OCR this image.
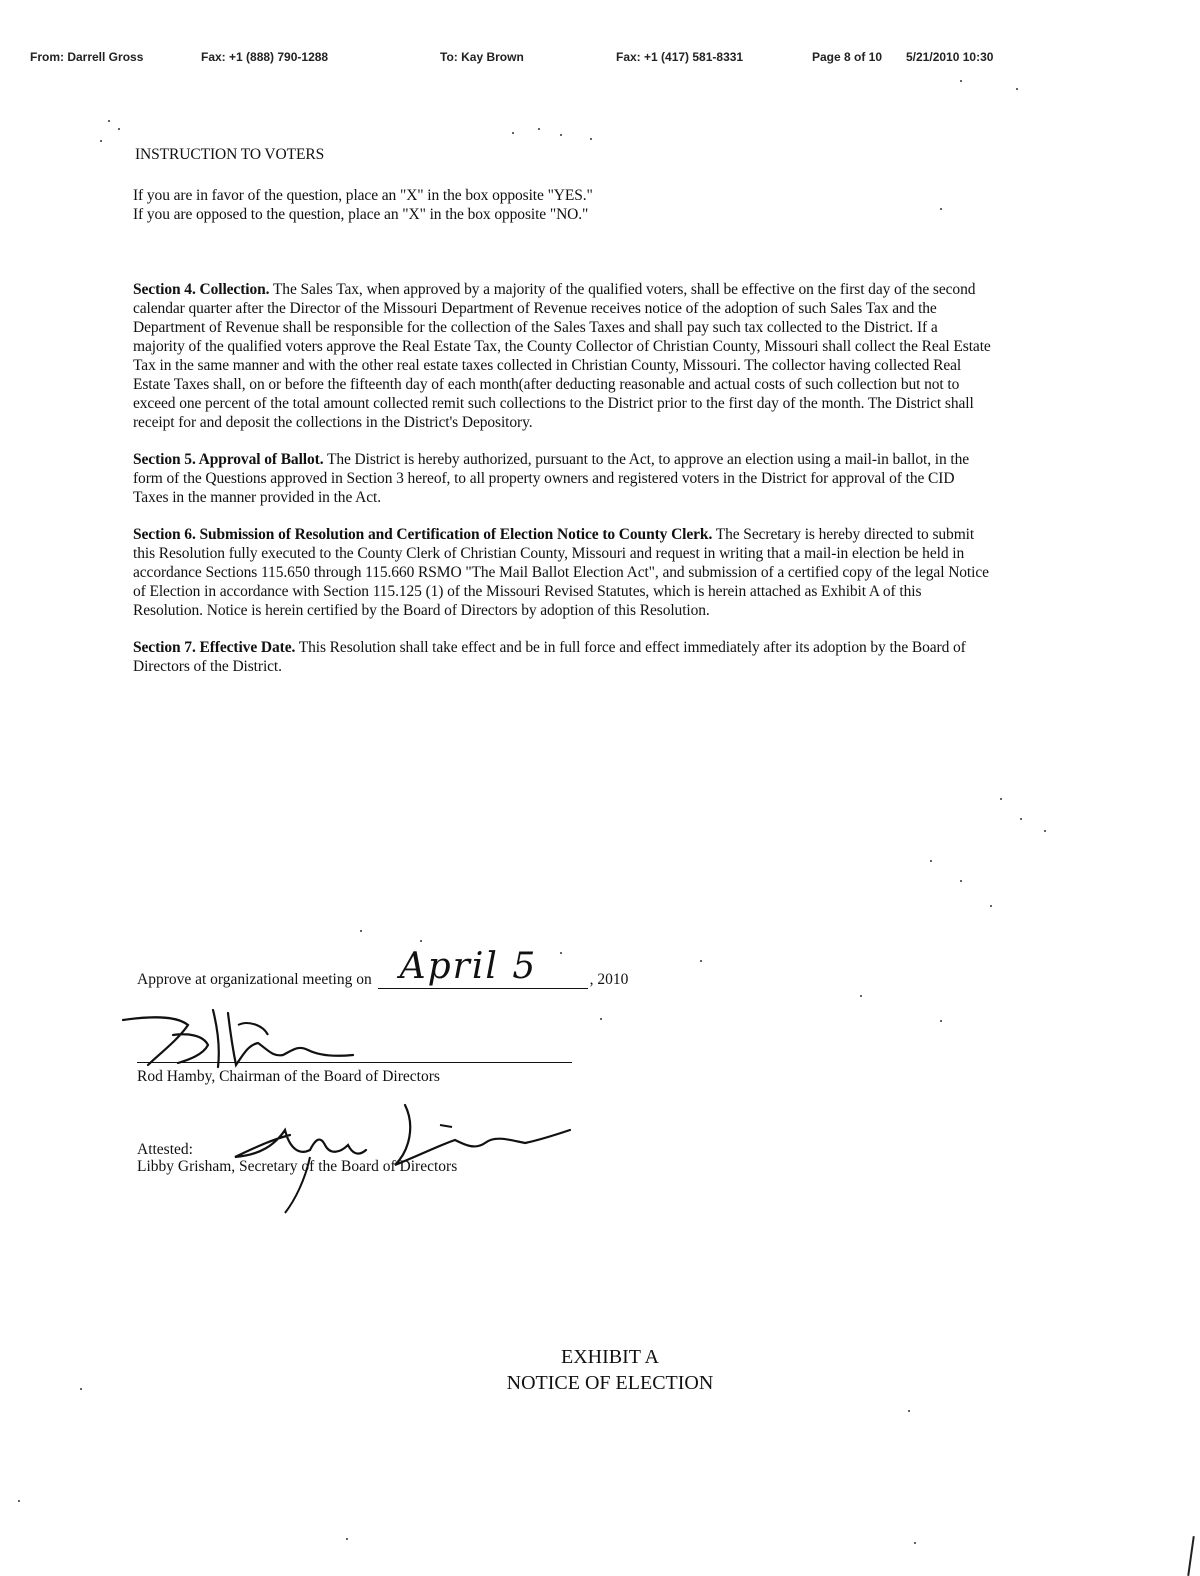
From: Darrell Gross	Fax: +1 (888) 790-1288	To: Kay Brown	Fax: +1 (417) 581-8331	Page 8 of 10 5/21/2010 10:30

INSTRUCTION TO VOTERS

If you are in favor of the question, place an "X" in the box opposite "YES."

If you are opposed to the question, place an "X" in the box opposite "NO."

Section 4. Collection. The Sales Tax, when approved by a majority of the qualified voters, shall be effective on the first day of the second calendar quarter after the Director of the Missouri Department of Revenue receives notice of the adoption of such Sales Tax and the Department of Revenue shall be responsible for the collection of the Sales Taxes and shall pay such tax collected to the District. If a majority of the qualified voters approve the Real Estate Tax, the County Collector of Christian County, Missouri shall collect the Real Estate Tax in the same manner and with the other real estate taxes collected in Christian County, Missouri. The collector having collected Real Estate Taxes shall, on or before the fifteenth day of each month(after deducting reasonable and actual costs of such collection but not to exceed one percent of the total amount collected remit such collections to the District prior to the first day of the month. The District shall receipt for and deposit the collections in the District's Depository.

Section 5. Approval of Ballot. The District is hereby authorized, pursuant to the Act, to approve an election using a mail-in ballot, in the form of the Questions approved in Section 3 hereof, to all property owners and registered voters in the District for approval of the CID Taxes in the manner provided in the Act.

Section 6. Submission of Resolution and Certification of Election Notice to County Clerk. The Secretary is hereby directed to submit this Resolution fully executed to the County Clerk of Christian County, Missouri and request in writing that a mail-in election be held in accordance Sections 115.650 through 115.660 RSMO "The Mail Ballot Election Act", and submission of a certified copy of the legal Notice of Election in accordance with Section 115.125 (1) of the Missouri Revised Statutes, which is herein attached as Exhibit A of this Resolution. Notice is herein certified by the Board of Directors by adoption of this Resolution.

Section 7. Effective Date. This Resolution shall take effect and be in full force and effect immediately after its adoption by the Board of Directors of the District.

Approve at organizational meeting on April 5	, 2010
Rod Hamby, Chairman of the Board of Directors
Attested:
Libby Grisham, Secretary of the Board of Directors
EXHIBIT A
NOTICE OF ELECTION
